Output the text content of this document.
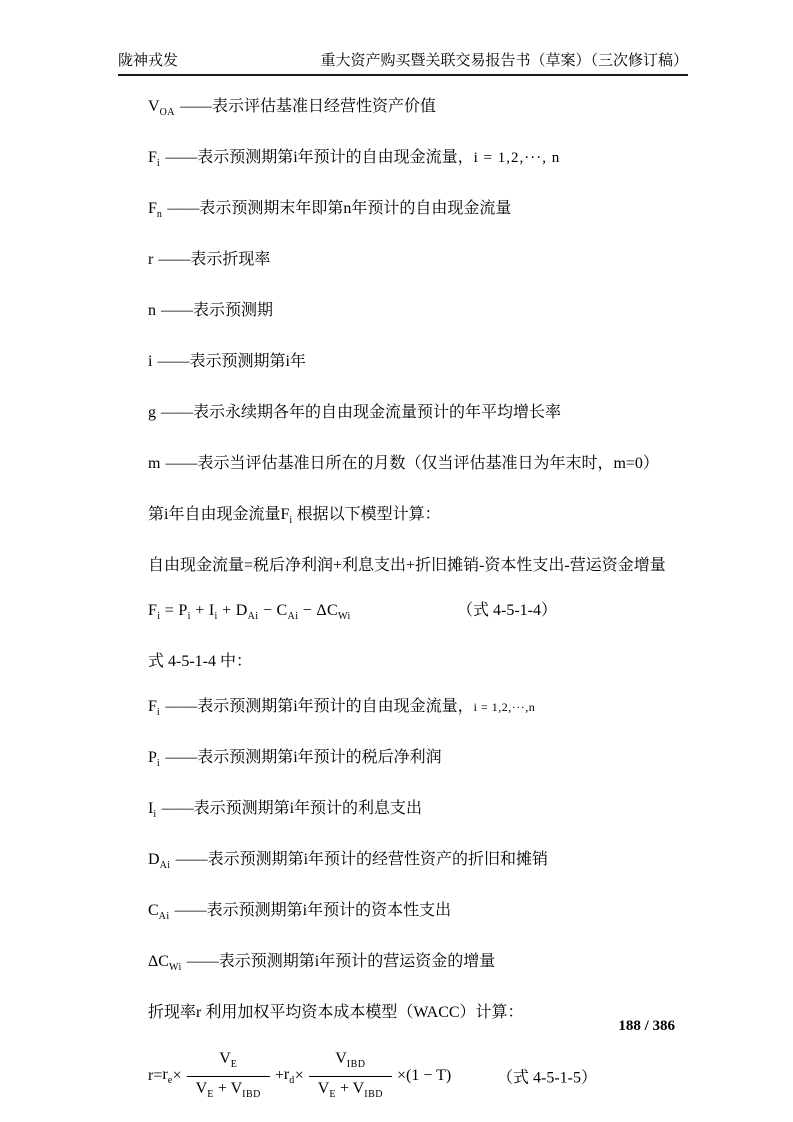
陇神戎发	重大资产购买暨关联交易报告书（草案）（三次修订稿）

$V_{OA}$ ——表示评估基准日经营性资产价值

$F_i$ ——表示预测期第i年预计的自由现金流量，i = 1,2,···, n

$F_n$ ——表示预测期末年即第n年预计的自由现金流量

r ——表示折现率

n ——表示预测期

i ——表示预测期第i年

g ——表示永续期各年的自由现金流量预计的年平均增长率

m ——表示当评估基准日所在的月数（仅当评估基准日为年末时，m=0）

第i年自由现金流量$F_i$ 根据以下模型计算：

自由现金流量=税后净利润+利息支出+折旧摊销-资本性支出-营运资金增量

$F_i = P_i + I_i + D_{Ai} - C_{Ai} - \Delta C_{Wi}$	（式 4-5-1-4）

式 4-5-1-4 中：

$F_i$ ——表示预测期第i年预计的自由现金流量，i = 1,2,···,n

$P_i$ ——表示预测期第i年预计的税后净利润

$I_i$ ——表示预测期第i年预计的利息支出

$D_{Ai}$ ——表示预测期第i年预计的经营性资产的折旧和摊销

$C_{Ai}$ ——表示预测期第i年预计的资本性支出

$\Delta C_{Wi}$ ——表示预测期第i年预计的营运资金的增量

折现率r 利用加权平均资本成本模型（WACC）计算：

$r = r_e \times \frac{V_E}{V_E + V_{IBD}} + r_d \times \frac{V_{IBD}}{V_E + V_{IBD}} \times (1 - T)$	（式 4-5-1-5）

188 / 386
